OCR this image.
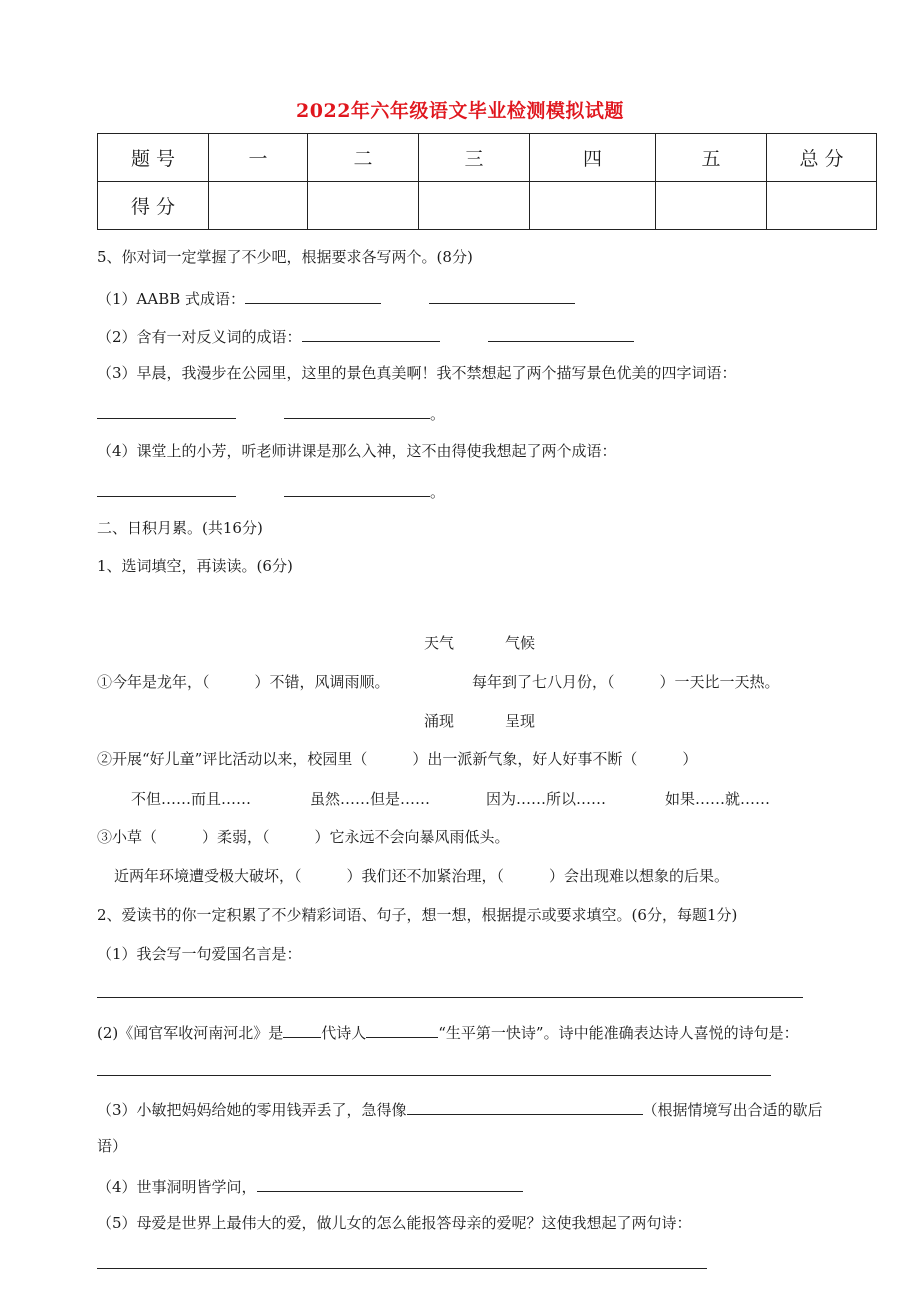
2022年六年级语文毕业检测模拟试题
题 号	一	二	三	四	五	总 分
得 分						
5、你对词一定掌握了不少吧，根据要求各写两个。(8分)
（1）AABB 式成语：
（2）含有一对反义词的成语：
（3）早晨，我漫步在公园里，这里的景色真美啊！我不禁想起了两个描写景色优美的四字词语：
。
（4）课堂上的小芳，听老师讲课是那么入神，这不由得使我想起了两个成语：
。
二、日积月累。(共16分)
1、选词填空，再读读。(6分)
天气	气候
①今年是龙年，（　　　）不错，风调雨顺。	每年到了七八月份，（　　　）一天比一天热。
涌现	呈现
②开展“好儿童”评比活动以来，校园里（　　　）出一派新气象，好人好事不断（　　　）
不但……而且……	虽然……但是……	因为……所以……	如果……就……
③小草（　　　）柔弱，（　　　）它永远不会向暴风雨低头。
近两年环境遭受极大破坏，（　　　）我们还不加紧治理，（　　　）会出现难以想象的后果。
2、爱读书的你一定积累了不少精彩词语、句子，想一想，根据提示或要求填空。(6分，每题1分)
（1）我会写一句爱国名言是：
(2)《闻官军收河南河北》是	代诗人	“生平第一快诗”。诗中能准确表达诗人喜悦的诗句是：
（3）小敏把妈妈给她的零用钱弄丢了，急得像	（根据情境写出合适的歇后
语）
（4）世事洞明皆学问，
（5）母爱是世界上最伟大的爱，做儿女的怎么能报答母亲的爱呢？这使我想起了两句诗：
